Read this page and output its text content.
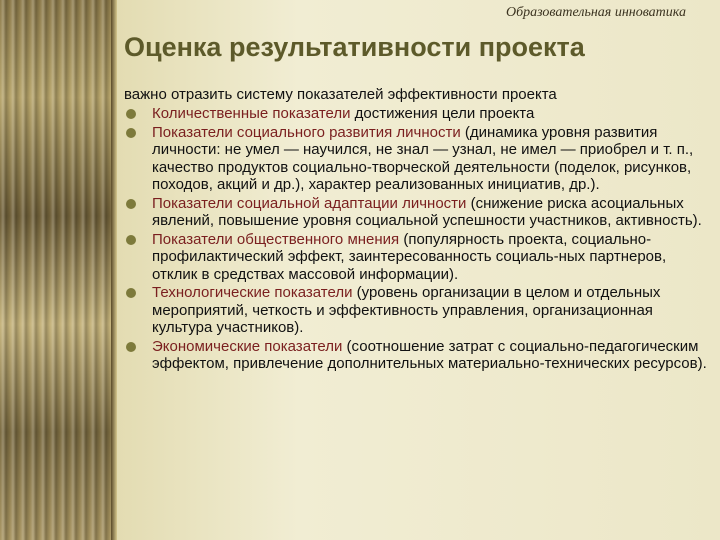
Образовательная инноватика
Оценка результативности проекта
важно отразить систему показателей эффективности проекта
Количественные показатели достижения цели проекта
Показатели социального развития личности (динамика уровня развития личности: не умел — научился, не знал — узнал, не имел — приобрел и т. п., качество продуктов социально-творческой деятельности (поделок, рисунков, походов, акций и др.), характер реализованных инициатив, др.).
Показатели социальной адаптации личности (снижение риска асоциальных явлений, повышение уровня социальной успешности участников, активность).
Показатели общественного мнения (популярность проекта, социально-профилактический эффект, заинтересованность социаль-ных партнеров, отклик в средствах массовой информации).
Технологические показатели (уровень организации в целом и отдельных мероприятий, четкость и эффективность управления, организационная культура участников).
Экономические показатели (соотношение затрат с социально-педагогическим эффектом, привлечение дополнительных материально-технических ресурсов).
